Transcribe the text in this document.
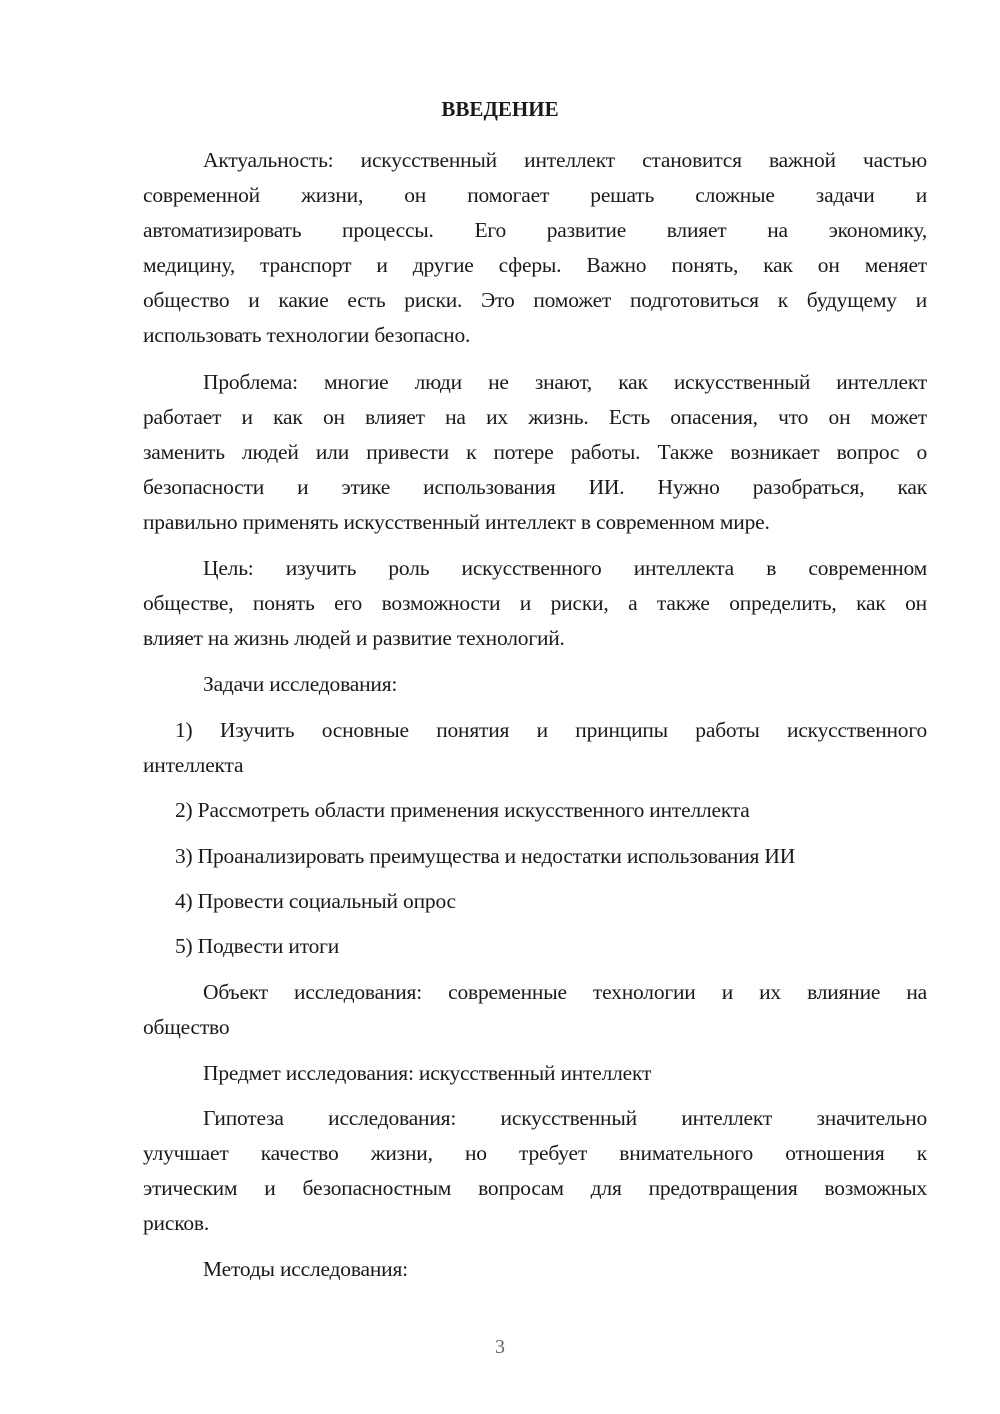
ВВЕДЕНИЕ
Актуальность: искусственный интеллект становится важной частью
современной жизни, он помогает решать сложные задачи и
автоматизировать процессы. Его развитие влияет на экономику,
медицину, транспорт и другие сферы. Важно понять, как он меняет
общество и какие есть риски. Это поможет подготовиться к будущему и
использовать технологии безопасно.
Проблема: многие люди не знают, как искусственный интеллект
работает и как он влияет на их жизнь. Есть опасения, что он может
заменить людей или привести к потере работы. Также возникает вопрос о
безопасности и этике использования ИИ. Нужно разобраться, как
правильно применять искусственный интеллект в современном мире.
Цель: изучить роль искусственного интеллекта в современном
обществе, понять его возможности и риски, а также определить, как он
влияет на жизнь людей и развитие технологий.
Задачи исследования:
1) Изучить основные понятия и принципы работы искусственного
интеллекта
2) Рассмотреть области применения искусственного интеллекта
3) Проанализировать преимущества и недостатки использования ИИ
4) Провести социальный опрос
5) Подвести итоги
Объект исследования: современные технологии и их влияние на
общество
Предмет исследования: искусственный интеллект
Гипотеза исследования: искусственный интеллект значительно
улучшает качество жизни, но требует внимательного отношения к
этическим и безопасностным вопросам для предотвращения возможных
рисков.
Методы исследования:
3
